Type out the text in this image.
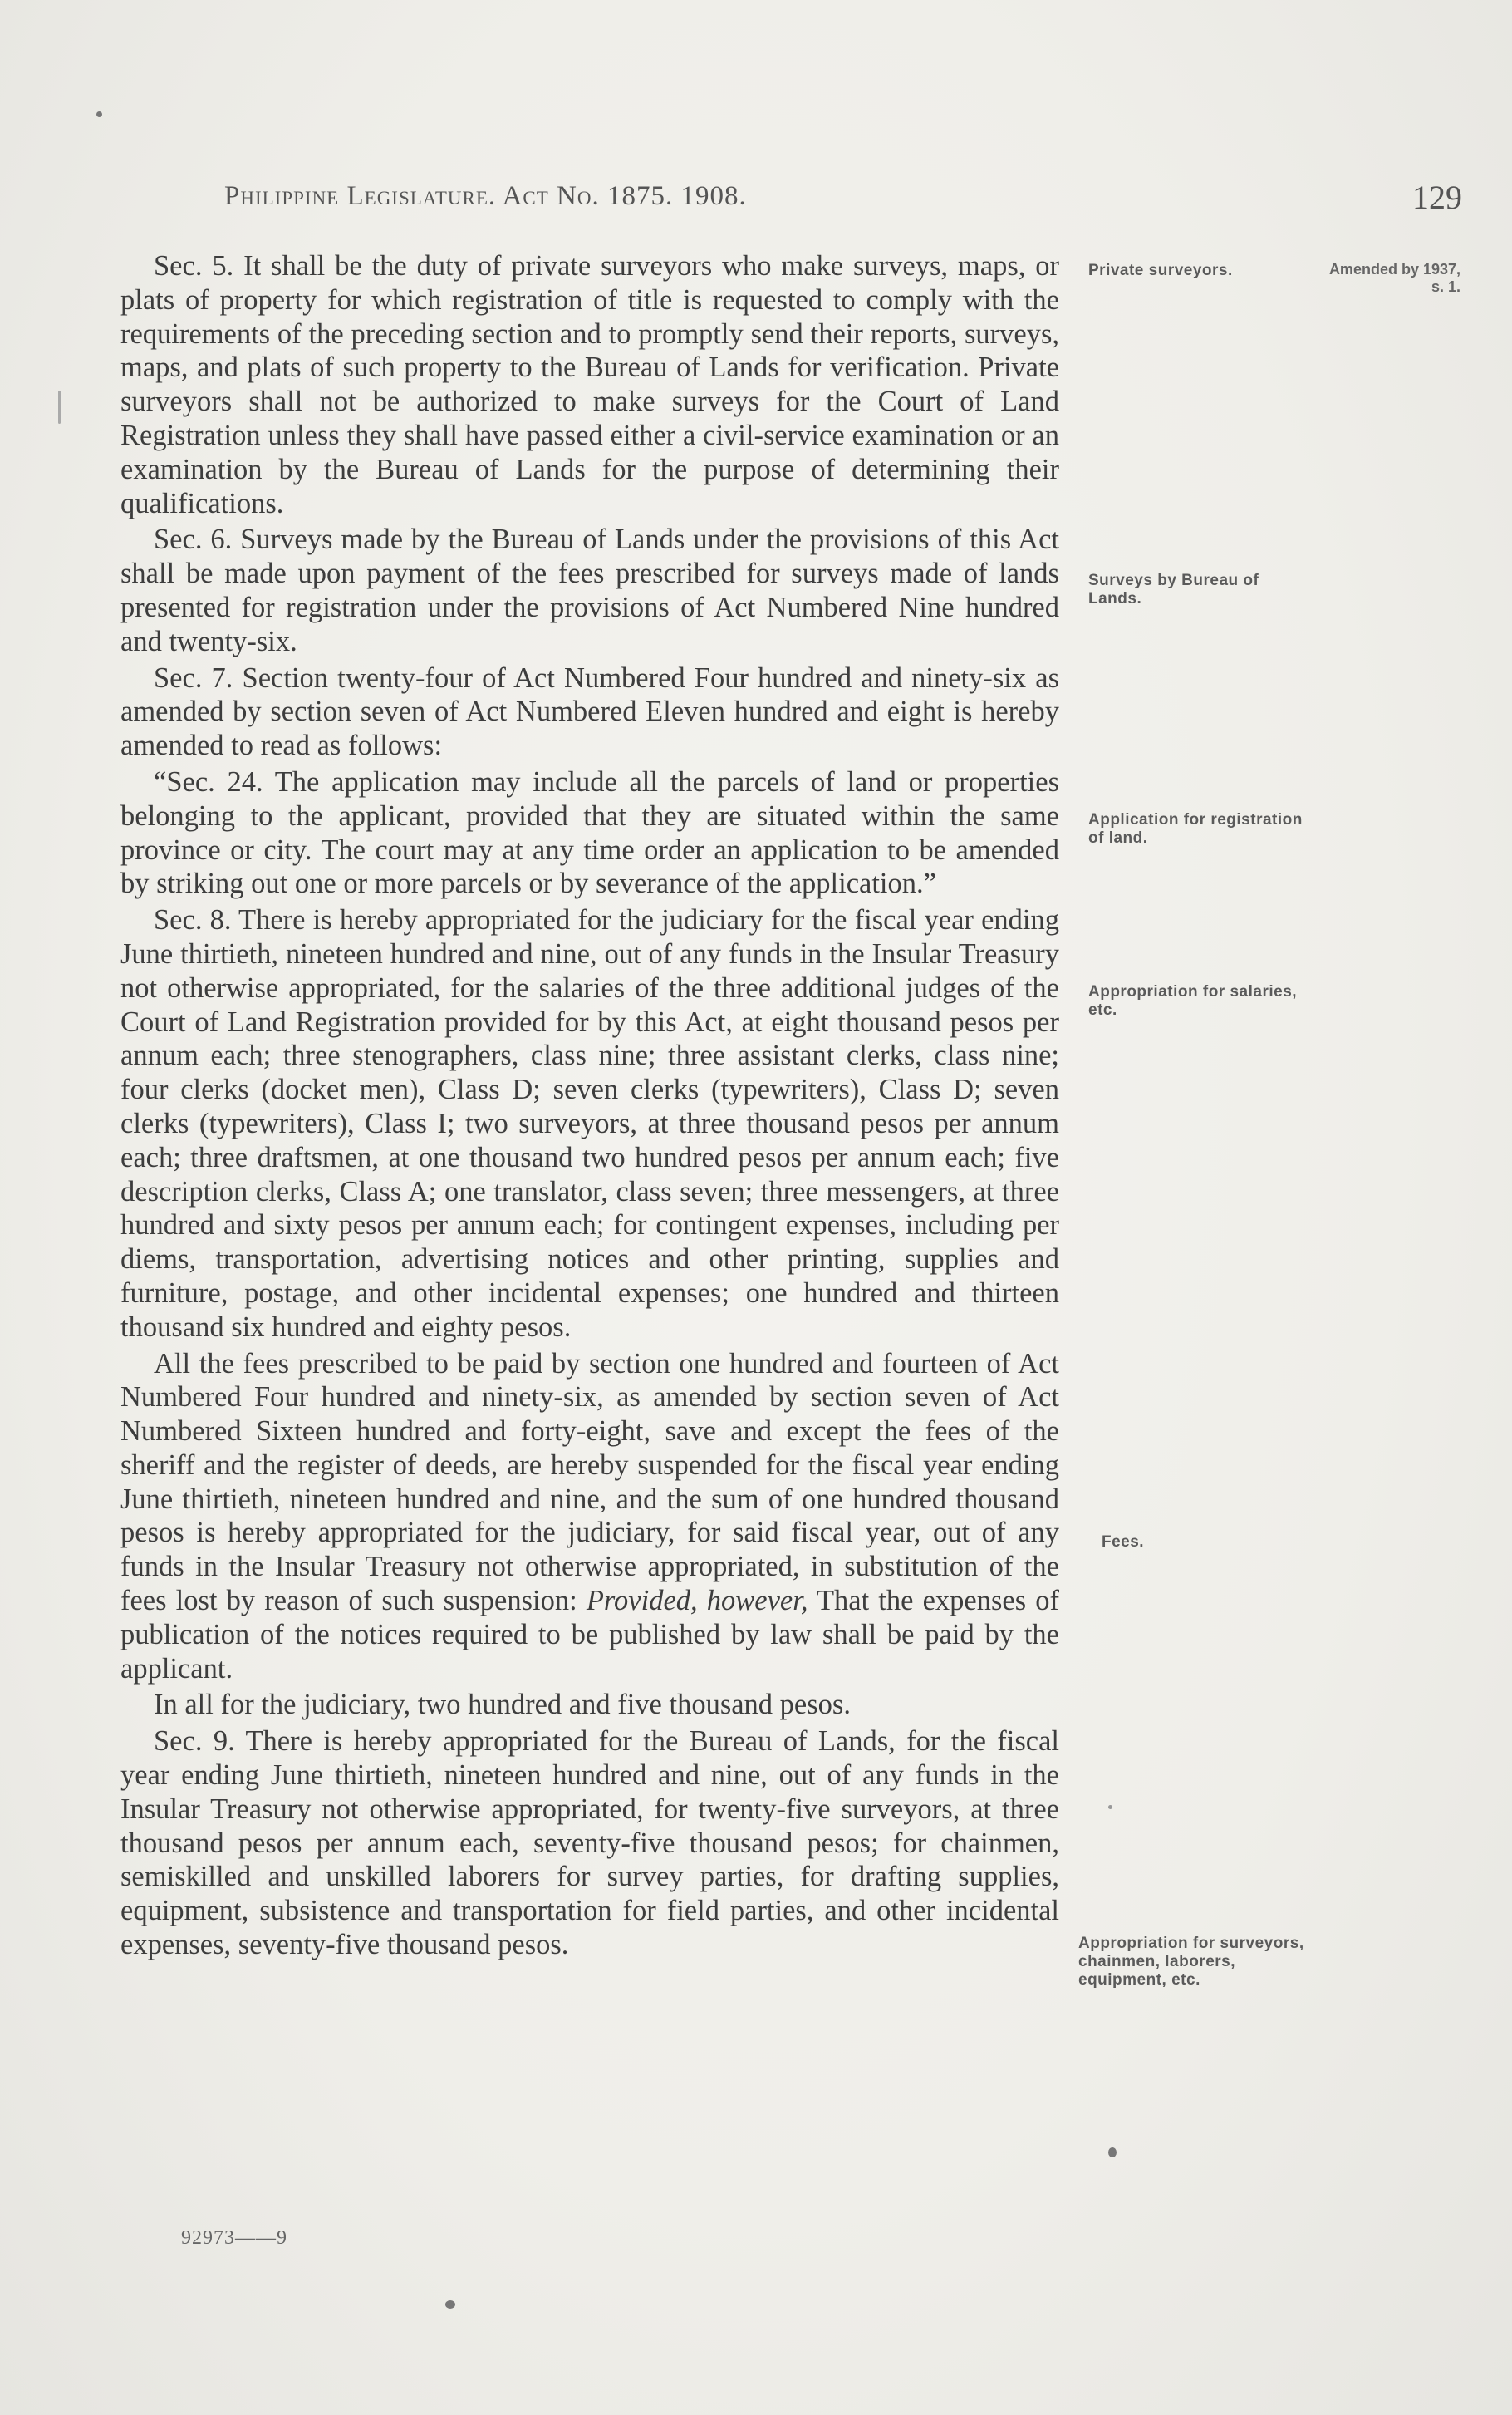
Philippine Legislature. Act No. 1875. 1908.	129

Sec. 5. It shall be the duty of private surveyors who make surveys, maps, or plats of property for which registration of title is requested to comply with the requirements of the preceding section and to promptly send their reports, surveys, maps, and plats of such property to the Bureau of Lands for verification. Private surveyors shall not be authorized to make surveys for the Court of Land Registration unless they shall have passed either a civil-service examination or an examination by the Bureau of Lands for the purpose of determining their qualifications.

Sec. 6. Surveys made by the Bureau of Lands under the provisions of this Act shall be made upon payment of the fees prescribed for surveys made of lands presented for registration under the provisions of Act Numbered Nine hundred and twenty-six.

Sec. 7. Section twenty-four of Act Numbered Four hundred and ninety-six as amended by section seven of Act Numbered Eleven hundred and eight is hereby amended to read as follows:

“Sec. 24. The application may include all the parcels of land or properties belonging to the applicant, provided that they are situated within the same province or city. The court may at any time order an application to be amended by striking out one or more parcels or by severance of the application.”

Sec. 8. There is hereby appropriated for the judiciary for the fiscal year ending June thirtieth, nineteen hundred and nine, out of any funds in the Insular Treasury not otherwise appropriated, for the salaries of the three additional judges of the Court of Land Registration provided for by this Act, at eight thousand pesos per annum each; three stenographers, class nine; three assistant clerks, class nine; four clerks (docket men), Class D; seven clerks (typewriters), Class D; seven clerks (typewriters), Class I; two surveyors, at three thousand pesos per annum each; three draftsmen, at one thousand two hundred pesos per annum each; five description clerks, Class A; one translator, class seven; three messengers, at three hundred and sixty pesos per annum each; for contingent expenses, including per diems, transportation, advertising notices and other printing, supplies and furniture, postage, and other incidental expenses; one hundred and thirteen thousand six hundred and eighty pesos.

All the fees prescribed to be paid by section one hundred and fourteen of Act Numbered Four hundred and ninety-six, as amended by section seven of Act Numbered Sixteen hundred and forty-eight, save and except the fees of the sheriff and the register of deeds, are hereby suspended for the fiscal year ending June thirtieth, nineteen hundred and nine, and the sum of one hundred thousand pesos is hereby appropriated for the judiciary, for said fiscal year, out of any funds in the Insular Treasury not otherwise appropriated, in substitution of the fees lost by reason of such suspension: Provided, however, That the expenses of publication of the notices required to be published by law shall be paid by the applicant.

In all for the judiciary, two hundred and five thousand pesos.

Sec. 9. There is hereby appropriated for the Bureau of Lands, for the fiscal year ending June thirtieth, nineteen hundred and nine, out of any funds in the Insular Treasury not otherwise appropriated, for twenty-five surveyors, at three thousand pesos per annum each, seventy-five thousand pesos; for chainmen, semiskilled and unskilled laborers for survey parties, for drafting supplies, equipment, subsistence and transportation for field parties, and other incidental expenses, seventy-five thousand pesos.

Private surveyors.	Amended by 1937, s. 1.
Surveys by Bureau of Lands.
Application for registration of land.
Appropriation for salaries, etc.
Fees.
Appropriation for surveyors, chainmen, laborers, equipment, etc.
92973——9
